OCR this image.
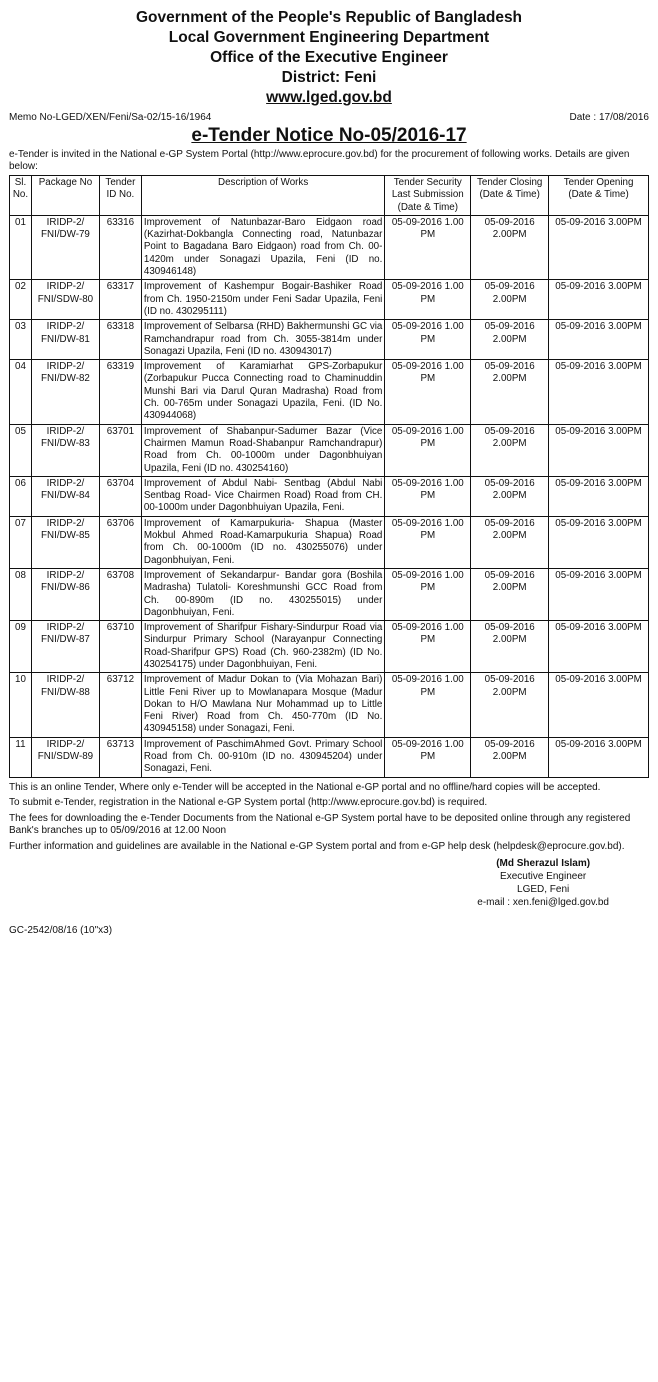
Government of the People's Republic of Bangladesh
Local Government Engineering Department
Office of the Executive Engineer
District: Feni
www.lged.gov.bd
Memo No-LGED/XEN/Feni/Sa-02/15-16/1964	Date : 17/08/2016
e-Tender Notice No-05/2016-17
e-Tender is invited in the National e-GP System Portal (http://www.eprocure.gov.bd) for the procurement of following works. Details are given below:
Sl. No.	Package No	Tender ID No.	Description of Works	Tender Security Last Submission (Date & Time)	Tender Closing (Date & Time)	Tender Opening (Date & Time)
01	IRIDP-2/ FNI/DW-79	63316	Improvement of Natunbazar-Baro Eidgaon road (Kazirhat-Dokbangla Connecting road, Natunbazar Point to Bagadana Baro Eidgaon) road from Ch. 00-1420m under Sonagazi Upazila, Feni (ID no. 430946148)	05-09-2016 1.00 PM	05-09-2016 2.00PM	05-09-2016 3.00PM
02	IRIDP-2/ FNI/SDW-80	63317	Improvement of Kashempur Bogair-Bashiker Road from Ch. 1950-2150m under Feni Sadar Upazila, Feni (ID no. 430295111)	05-09-2016 1.00 PM	05-09-2016 2.00PM	05-09-2016 3.00PM
03	IRIDP-2/ FNI/DW-81	63318	Improvement of Selbarsa (RHD) Bakhermunshi GC via Ramchandrapur road from Ch. 3055-3814m under Sonagazi Upazila, Feni (ID no. 430943017)	05-09-2016 1.00 PM	05-09-2016 2.00PM	05-09-2016 3.00PM
04	IRIDP-2/ FNI/DW-82	63319	Improvement of Karamiarhat GPS-Zorbapukur (Zorbapukur Pucca Connecting road to Chaminuddin Munshi Bari via Darul Quran Madrasha) Road from Ch. 00-765m under Sonagazi Upazila, Feni. (ID No. 430944068)	05-09-2016 1.00 PM	05-09-2016 2.00PM	05-09-2016 3.00PM
05	IRIDP-2/ FNI/DW-83	63701	Improvement of Shabanpur-Sadumer Bazar (Vice Chairmen Mamun Road-Shabanpur Ramchandrapur) Road from Ch. 00-1000m under Dagonbhuiyan Upazila, Feni (ID no. 430254160)	05-09-2016 1.00 PM	05-09-2016 2.00PM	05-09-2016 3.00PM
06	IRIDP-2/ FNI/DW-84	63704	Improvement of Abdul Nabi- Sentbag (Abdul Nabi Sentbag Road- Vice Chairmen Road) Road from CH. 00-1000m under Dagonbhuiyan Upazila, Feni.	05-09-2016 1.00 PM	05-09-2016 2.00PM	05-09-2016 3.00PM
07	IRIDP-2/ FNI/DW-85	63706	Improvement of Kamarpukuria- Shapua (Master Mokbul Ahmed Road-Kamarpukuria Shapua) Road from Ch. 00-1000m (ID no. 430255076) under Dagonbhuiyan, Feni.	05-09-2016 1.00 PM	05-09-2016 2.00PM	05-09-2016 3.00PM
08	IRIDP-2/ FNI/DW-86	63708	Improvement of Sekandarpur- Bandar gora (Boshila Madrasha) Tulatoli- Koreshmunshi GCC Road from Ch. 00-890m (ID no. 430255015) under Dagonbhuiyan, Feni.	05-09-2016 1.00 PM	05-09-2016 2.00PM	05-09-2016 3.00PM
09	IRIDP-2/ FNI/DW-87	63710	Improvement of Sharifpur Fishary-Sindurpur Road via Sindurpur Primary School (Narayanpur Connecting Road-Sharifpur GPS) Road (Ch. 960-2382m) (ID No. 430254175) under Dagonbhuiyan, Feni.	05-09-2016 1.00 PM	05-09-2016 2.00PM	05-09-2016 3.00PM
10	IRIDP-2/ FNI/DW-88	63712	Improvement of Madur Dokan to (Via Mohazan Bari) Little Feni River up to Mowlanapara Mosque (Madur Dokan to H/O Mawlana Nur Mohammad up to Little Feni River) Road from Ch. 450-770m (ID No. 430945158) under Sonagazi, Feni.	05-09-2016 1.00 PM	05-09-2016 2.00PM	05-09-2016 3.00PM
11	IRIDP-2/ FNI/SDW-89	63713	Improvement of PaschimAhmed Govt. Primary School Road from Ch. 00-910m (ID no. 430945204) under Sonagazi, Feni.	05-09-2016 1.00 PM	05-09-2016 2.00PM	05-09-2016 3.00PM

This is an online Tender, Where only e-Tender will be accepted in the National e-GP portal and no offline/hard copies will be accepted.

To submit e-Tender, registration in the National e-GP System portal (http://www.eprocure.gov.bd) is required.

The fees for downloading the e-Tender Documents from the National e-GP System portal have to be deposited online through any registered Bank's branches up to 05/09/2016 at 12.00 Noon

Further information and guidelines are available in the National e-GP System portal and from e-GP help desk (helpdesk@eprocure.gov.bd).

(Md Sherazul Islam)
Executive Engineer
LGED, Feni
e-mail : xen.feni@lged.gov.bd
GC-2542/08/16 (10"x3)
